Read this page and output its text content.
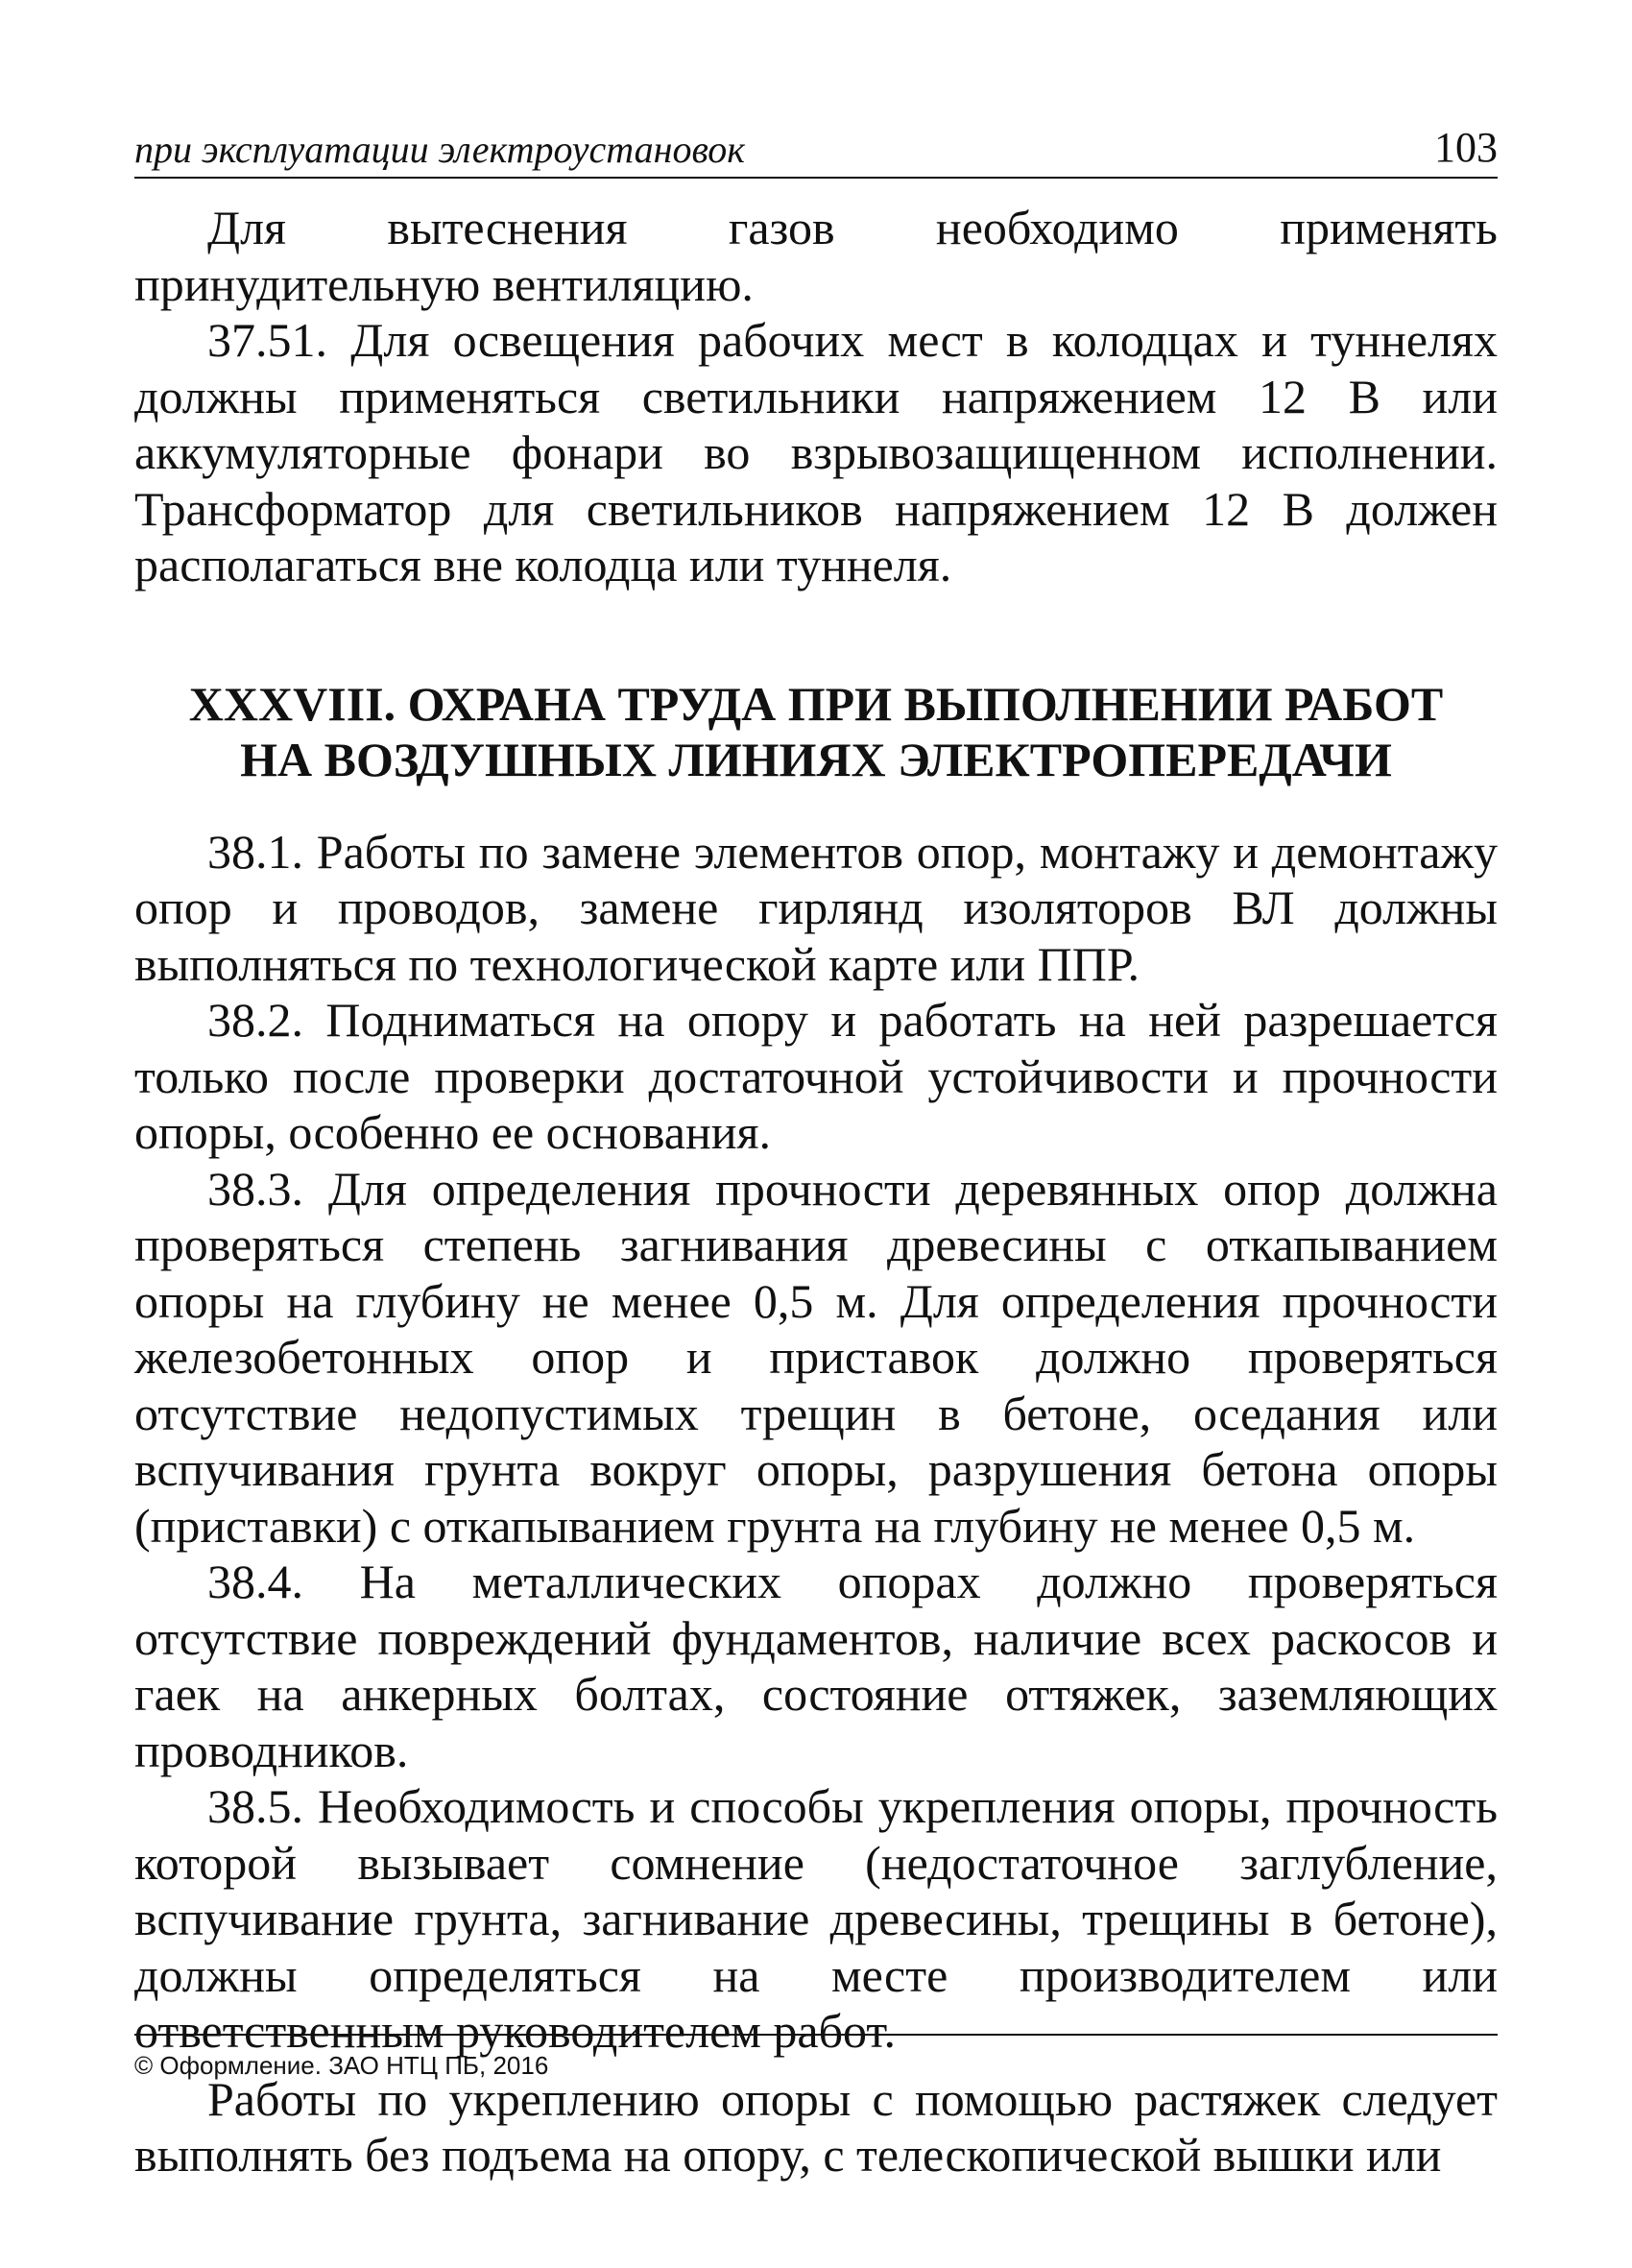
при эксплуатации электроустановок	103

Для вытеснения газов необходимо применять принудительную вентиляцию.

37.51. Для освещения рабочих мест в колодцах и туннелях должны применяться светильники напряжением 12 В или аккумуляторные фонари во взрывозащищенном исполнении. Трансформатор для светильников напряжением 12 В должен располагаться вне колодца или туннеля.

XXXVIII. ОХРАНА ТРУДА ПРИ ВЫПОЛНЕНИИ РАБОТ
НА ВОЗДУШНЫХ ЛИНИЯХ ЭЛЕКТРОПЕРЕДАЧИ

38.1. Работы по замене элементов опор, монтажу и демонтажу опор и проводов, замене гирлянд изоляторов ВЛ должны выполняться по технологической карте или ППР.

38.2. Подниматься на опору и работать на ней разрешается только после проверки достаточной устойчивости и прочности опоры, особенно ее основания.

38.3. Для определения прочности деревянных опор должна проверяться степень загнивания древесины с откапыванием опоры на глубину не менее 0,5 м. Для определения прочности железобетонных опор и приставок должно проверяться отсутствие недопустимых трещин в бетоне, оседания или вспучивания грунта вокруг опоры, разрушения бетона опоры (приставки) с откапыванием грунта на глубину не менее 0,5 м.

38.4. На металлических опорах должно проверяться отсутствие повреждений фундаментов, наличие всех раскосов и гаек на анкерных болтах, состояние оттяжек, заземляющих проводников.

38.5. Необходимость и способы укрепления опоры, прочность которой вызывает сомнение (недостаточное заглубление, вспучивание грунта, загнивание древесины, трещины в бетоне), должны определяться на месте производителем или ответственным руководителем работ.

Работы по укреплению опоры с помощью растяжек следует выполнять без подъема на опору, с телескопической вышки или

© Оформление. ЗАО НТЦ ПБ, 2016
